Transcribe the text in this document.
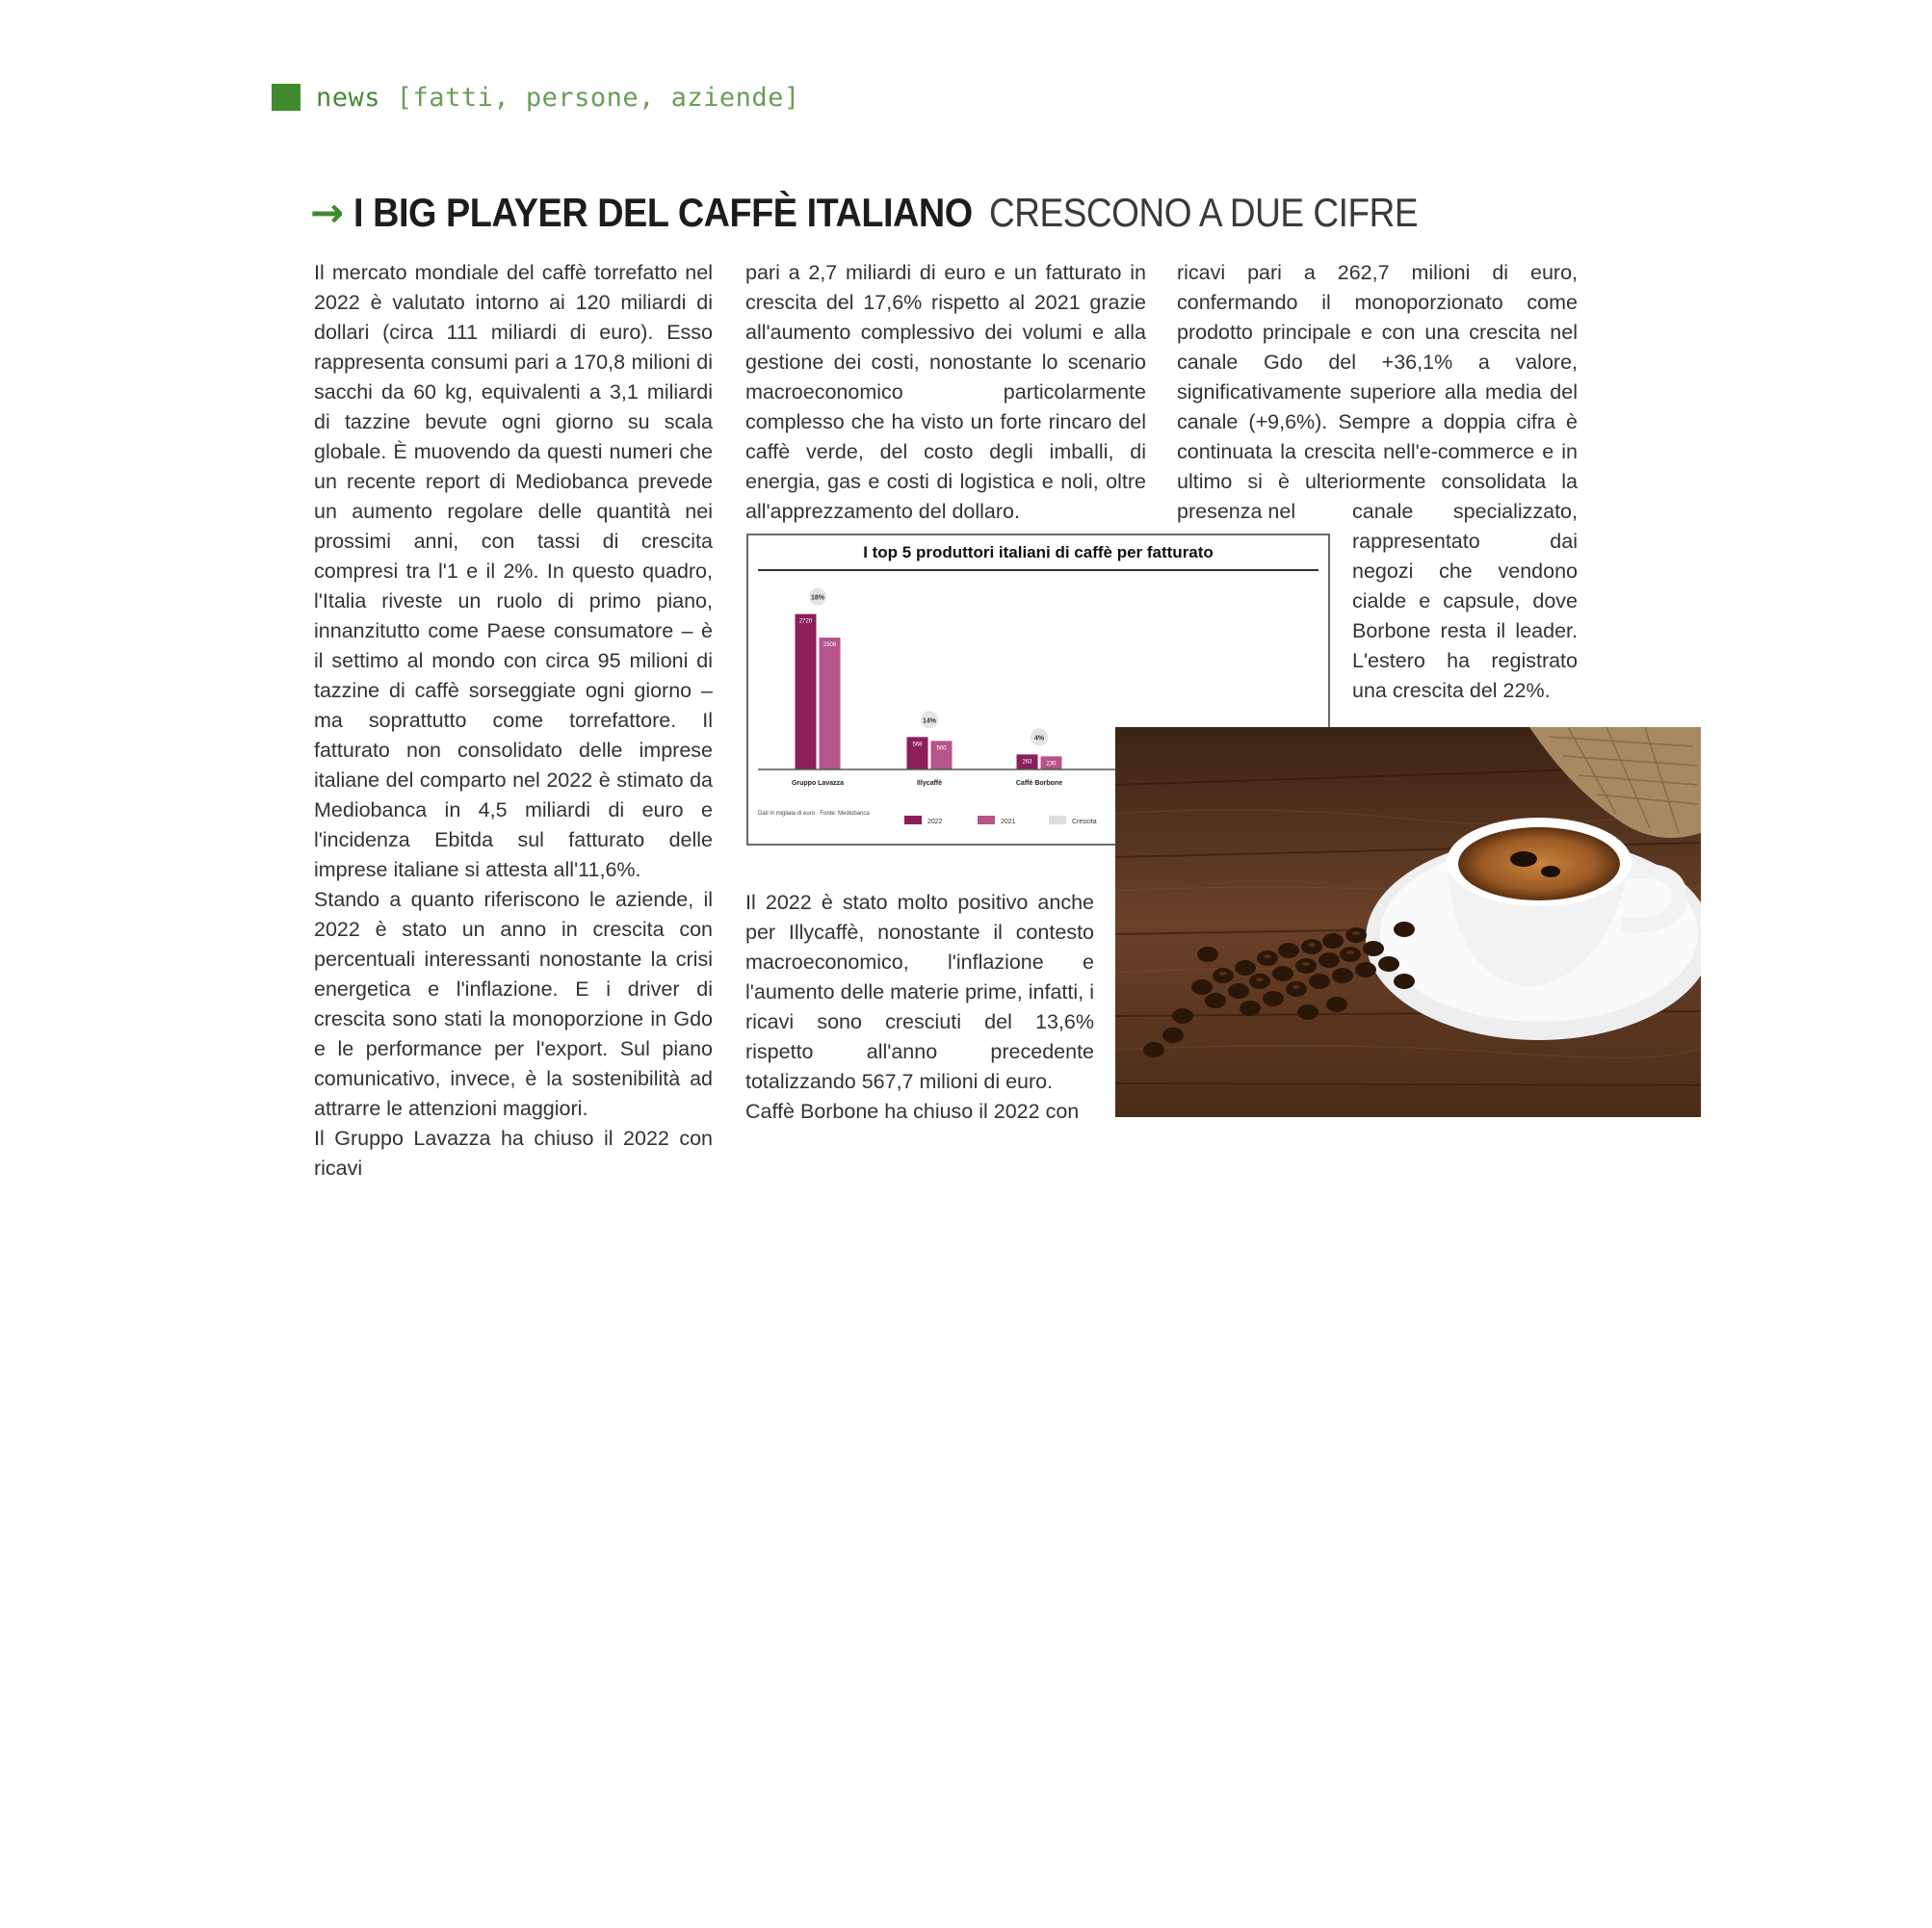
news [fatti, persone, aziende]
→ I BIG PLAYER DEL CAFFÈ ITALIANO CRESCONO A DUE CIFRE

Il mercato mondiale del caffè torrefatto nel 2022 è valutato intorno ai 120 miliardi di dollari (circa 111 miliardi di euro). Esso rappresenta consumi pari a 170,8 milioni di sacchi da 60 kg, equivalenti a 3,1 miliardi di tazzine bevute ogni giorno su scala globale. È muovendo da questi numeri che un recente report di Mediobanca prevede un aumento regolare delle quantità nei prossimi anni, con tassi di crescita compresi tra l'1 e il 2%. In questo quadro, l'Italia riveste un ruolo di primo piano, innanzitutto come Paese consumatore – è il settimo al mondo con circa 95 milioni di tazzine di caffè sorseggiate ogni giorno – ma soprattutto come torrefattore. Il fatturato non consolidato delle imprese italiane del comparto nel 2022 è stimato da Mediobanca in 4,5 miliardi di euro e l'incidenza Ebitda sul fatturato delle imprese italiane si attesta all'11,6%.

Stando a quanto riferiscono le aziende, il 2022 è stato un anno in crescita con percentuali interessanti nonostante la crisi energetica e l'inflazione. E i driver di crescita sono stati la monoporzione in Gdo e le performance per l'export. Sul piano comunicativo, invece, è la sostenibilità ad attrarre le attenzioni maggiori.

Il Gruppo Lavazza ha chiuso il 2022 con ricavi

pari a 2,7 miliardi di euro e un fatturato in crescita del 17,6% rispetto al 2021 grazie all'aumento complessivo dei volumi e alla gestione dei costi, nonostante lo scenario macroeconomico particolarmente complesso che ha visto un forte rincaro del caffè verde, del costo degli imballi, di energia, gas e costi di logistica e noli, oltre all'apprezzamento del dollaro.

ricavi pari a 262,7 milioni di euro, confermando il monoporzionato come prodotto principale e con una crescita nel canale Gdo del +36,1% a valore, significativamente superiore alla media del canale (+9,6%). Sempre a doppia cifra è continuata la crescita nell'e-commerce e in ultimo si è ulteriormente consolidata la presenza nel	canale specializzato, rappresentato dai negozi che vendono cialde e capsule, dove Borbone resta il leader. L'estero ha registrato una crescita del 22%.

I top 5 produttori italiani di caffè per fatturato
2720
2308
18%
568
500
14%
263 230
4%
Gruppo Lavazza	Illycaffè	Caffè Borbone
Dati in migliaia di euro · Fonte: Mediobanca
2022	2021	Crescita

Il 2022 è stato molto positivo anche per Illycaffè, nonostante il contesto macroeconomico, l'inflazione e l'aumento delle materie prime, infatti, i ricavi sono cresciuti del 13,6% rispetto all'anno precedente totalizzando 567,7 milioni di euro.

Caffè Borbone ha chiuso il 2022 con
